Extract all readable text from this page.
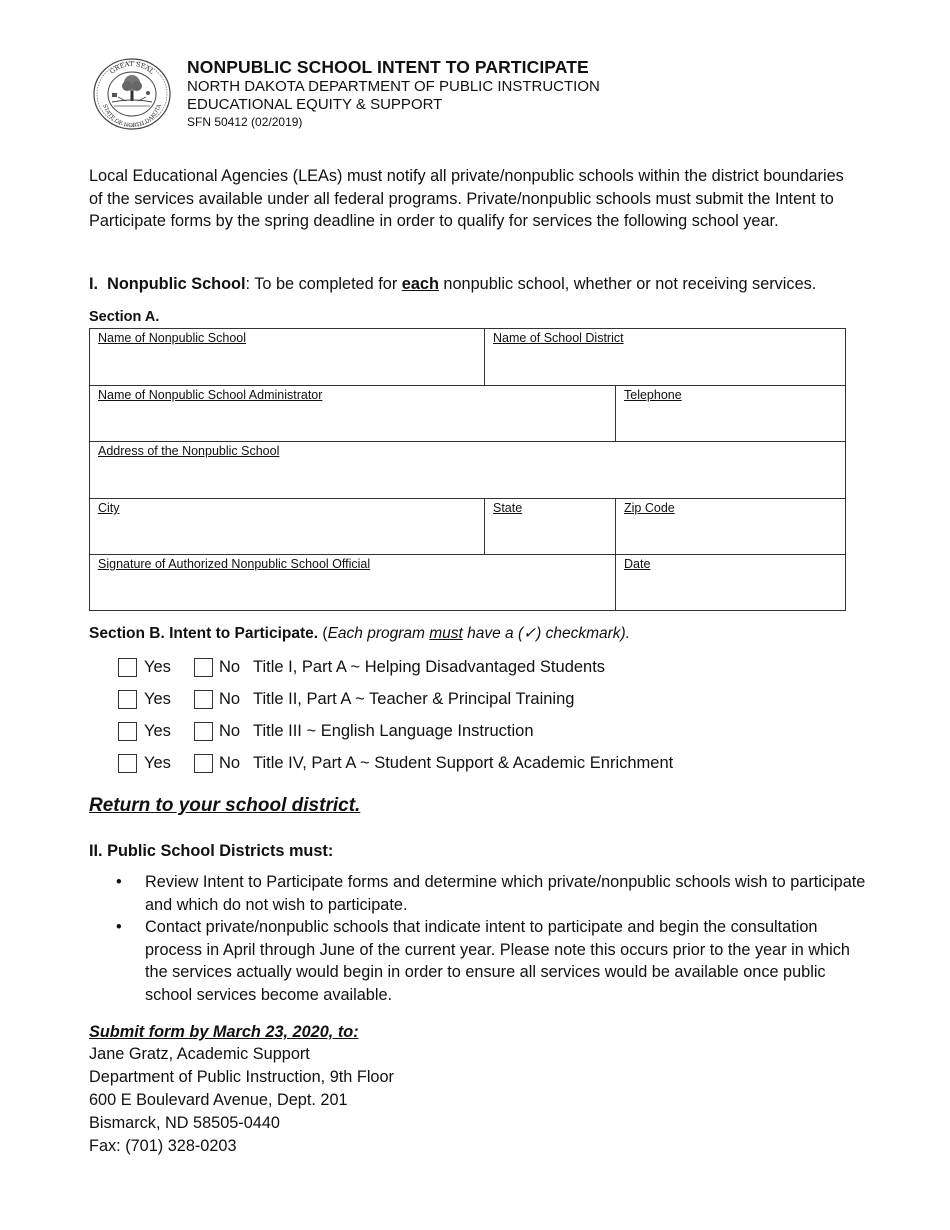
GREAT SEAL
STATE OF NORTH DAKOTA
NONPUBLIC SCHOOL INTENT TO PARTICIPATE
NORTH DAKOTA DEPARTMENT OF PUBLIC INSTRUCTION
EDUCATIONAL EQUITY & SUPPORT
SFN 50412 (02/2019)
Local Educational Agencies (LEAs) must notify all private/nonpublic schools within the district boundaries of the services available under all federal programs. Private/nonpublic schools must submit the Intent to Participate forms by the spring deadline in order to qualify for services the following school year.
I.  Nonpublic School: To be completed for each nonpublic school, whether or not receiving services.
Section A.
Name of Nonpublic School	Name of School District
Name of Nonpublic School Administrator	Telephone
Address of the Nonpublic School
City	State	Zip Code
Signature of Authorized Nonpublic School Official	Date
Section B. Intent to Participate. (Each program must have a (✓) checkmark).
Yes	No Title I, Part A ~ Helping Disadvantaged Students
Yes	No Title II, Part A ~ Teacher & Principal Training
Yes	No Title III ~ English Language Instruction
Yes	No Title IV, Part A ~ Student Support & Academic Enrichment
Return to your school district.
II. Public School Districts must:
• Review Intent to Participate forms and determine which private/nonpublic schools wish to participate and which do not wish to participate.
• Contact private/nonpublic schools that indicate intent to participate and begin the consultation process in April through June of the current year. Please note this occurs prior to the year in which the services actually would begin in order to ensure all services would be available once public school services become available.
Submit form by March 23, 2020, to:
Jane Gratz, Academic Support
Department of Public Instruction, 9th Floor
600 E Boulevard Avenue, Dept. 201
Bismarck, ND 58505-0440
Fax: (701) 328-0203
